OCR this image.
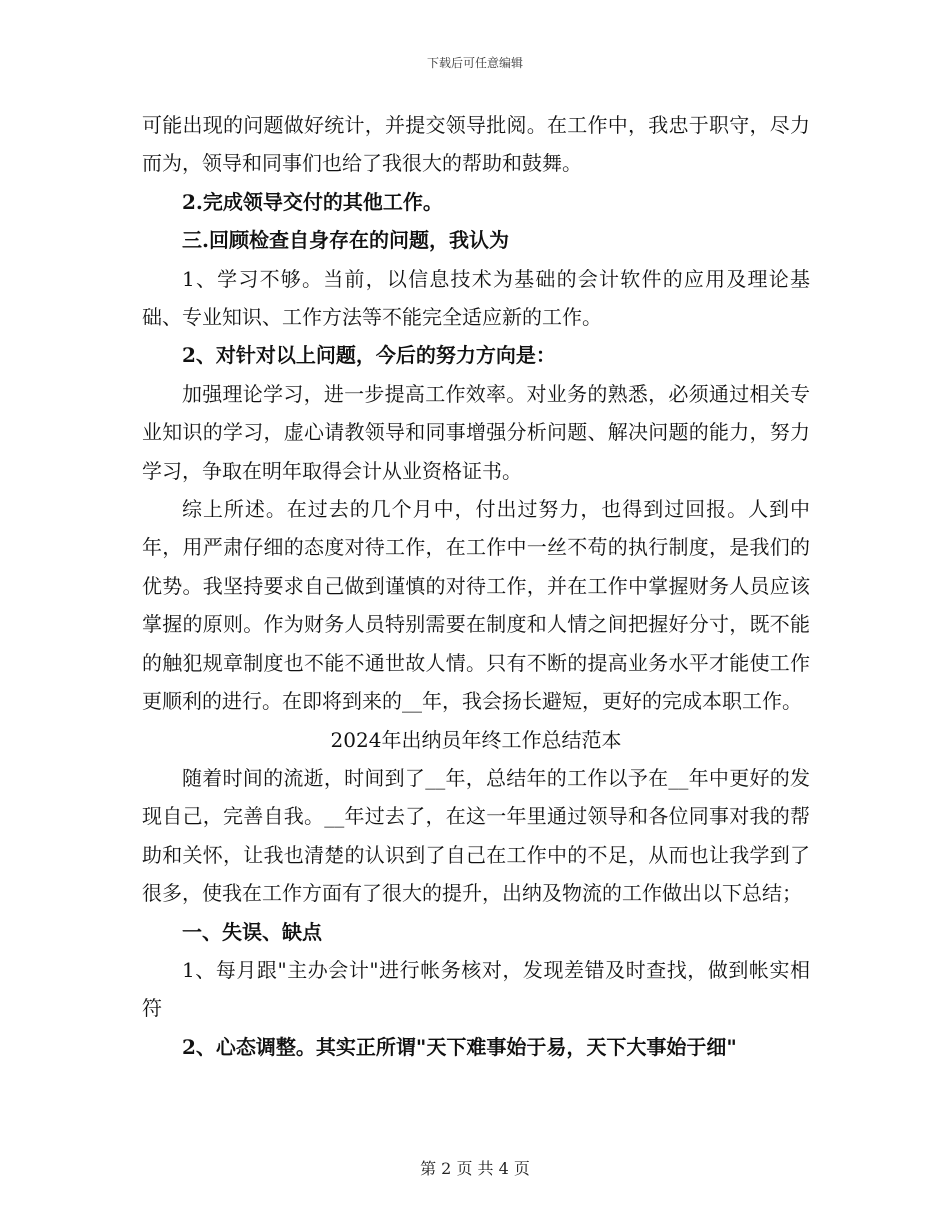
下载后可任意编辑

可能出现的问题做好统计，并提交领导批阅。在工作中，我忠于职守，尽力而为，领导和同事们也给了我很大的帮助和鼓舞。

2.完成领导交付的其他工作。

三.回顾检查自身存在的问题，我认为

1、学习不够。当前，以信息技术为基础的会计软件的应用及理论基础、专业知识、工作方法等不能完全适应新的工作。

2、对针对以上问题，今后的努力方向是：

加强理论学习，进一步提高工作效率。对业务的熟悉，必须通过相关专业知识的学习，虚心请教领导和同事增强分析问题、解决问题的能力，努力学习，争取在明年取得会计从业资格证书。

综上所述。在过去的几个月中，付出过努力，也得到过回报。人到中年，用严肃仔细的态度对待工作，在工作中一丝不苟的执行制度，是我们的优势。我坚持要求自己做到谨慎的对待工作，并在工作中掌握财务人员应该掌握的原则。作为财务人员特别需要在制度和人情之间把握好分寸，既不能的触犯规章制度也不能不通世故人情。只有不断的提高业务水平才能使工作更顺利的进行。在即将到来的__年，我会扬长避短，更好的完成本职工作。

2024年出纳员年终工作总结范本

随着时间的流逝，时间到了__年，总结年的工作以予在__年中更好的发现自己，完善自我。__年过去了，在这一年里通过领导和各位同事对我的帮助和关怀，让我也清楚的认识到了自己在工作中的不足，从而也让我学到了很多，使我在工作方面有了很大的提升，出纳及物流的工作做出以下总结；

一、失误、缺点

1、每月跟"主办会计"进行帐务核对，发现差错及时查找，做到帐实相符

2、心态调整。其实正所谓"天下难事始于易，天下大事始于细"

第 2 页 共 4 页
